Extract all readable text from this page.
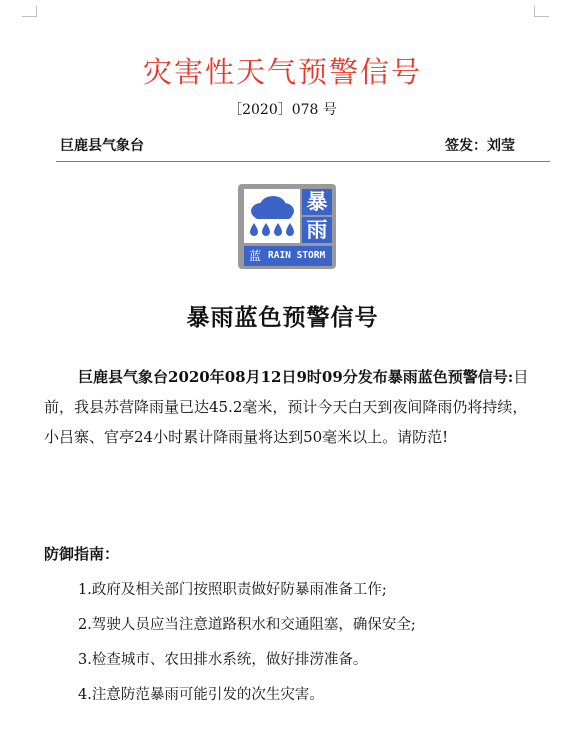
灾害性天气预警信号
［2020］078 号
巨鹿县气象台	签发：刘莹
暴
雨
蓝 RAIN STORM
暴雨蓝色预警信号

巨鹿县气象台2020年08月12日9时09分发布暴雨蓝色预警信号:目前，我县苏营降雨量已达45.2毫米，预计今天白天到夜间降雨仍将持续，小吕寨、官亭24小时累计降雨量将达到50毫米以上。请防范!

防御指南：
1.政府及相关部门按照职责做好防暴雨准备工作;
2.驾驶人员应当注意道路积水和交通阻塞，确保安全;
3.检查城市、农田排水系统，做好排涝准备。
4.注意防范暴雨可能引发的次生灾害。
